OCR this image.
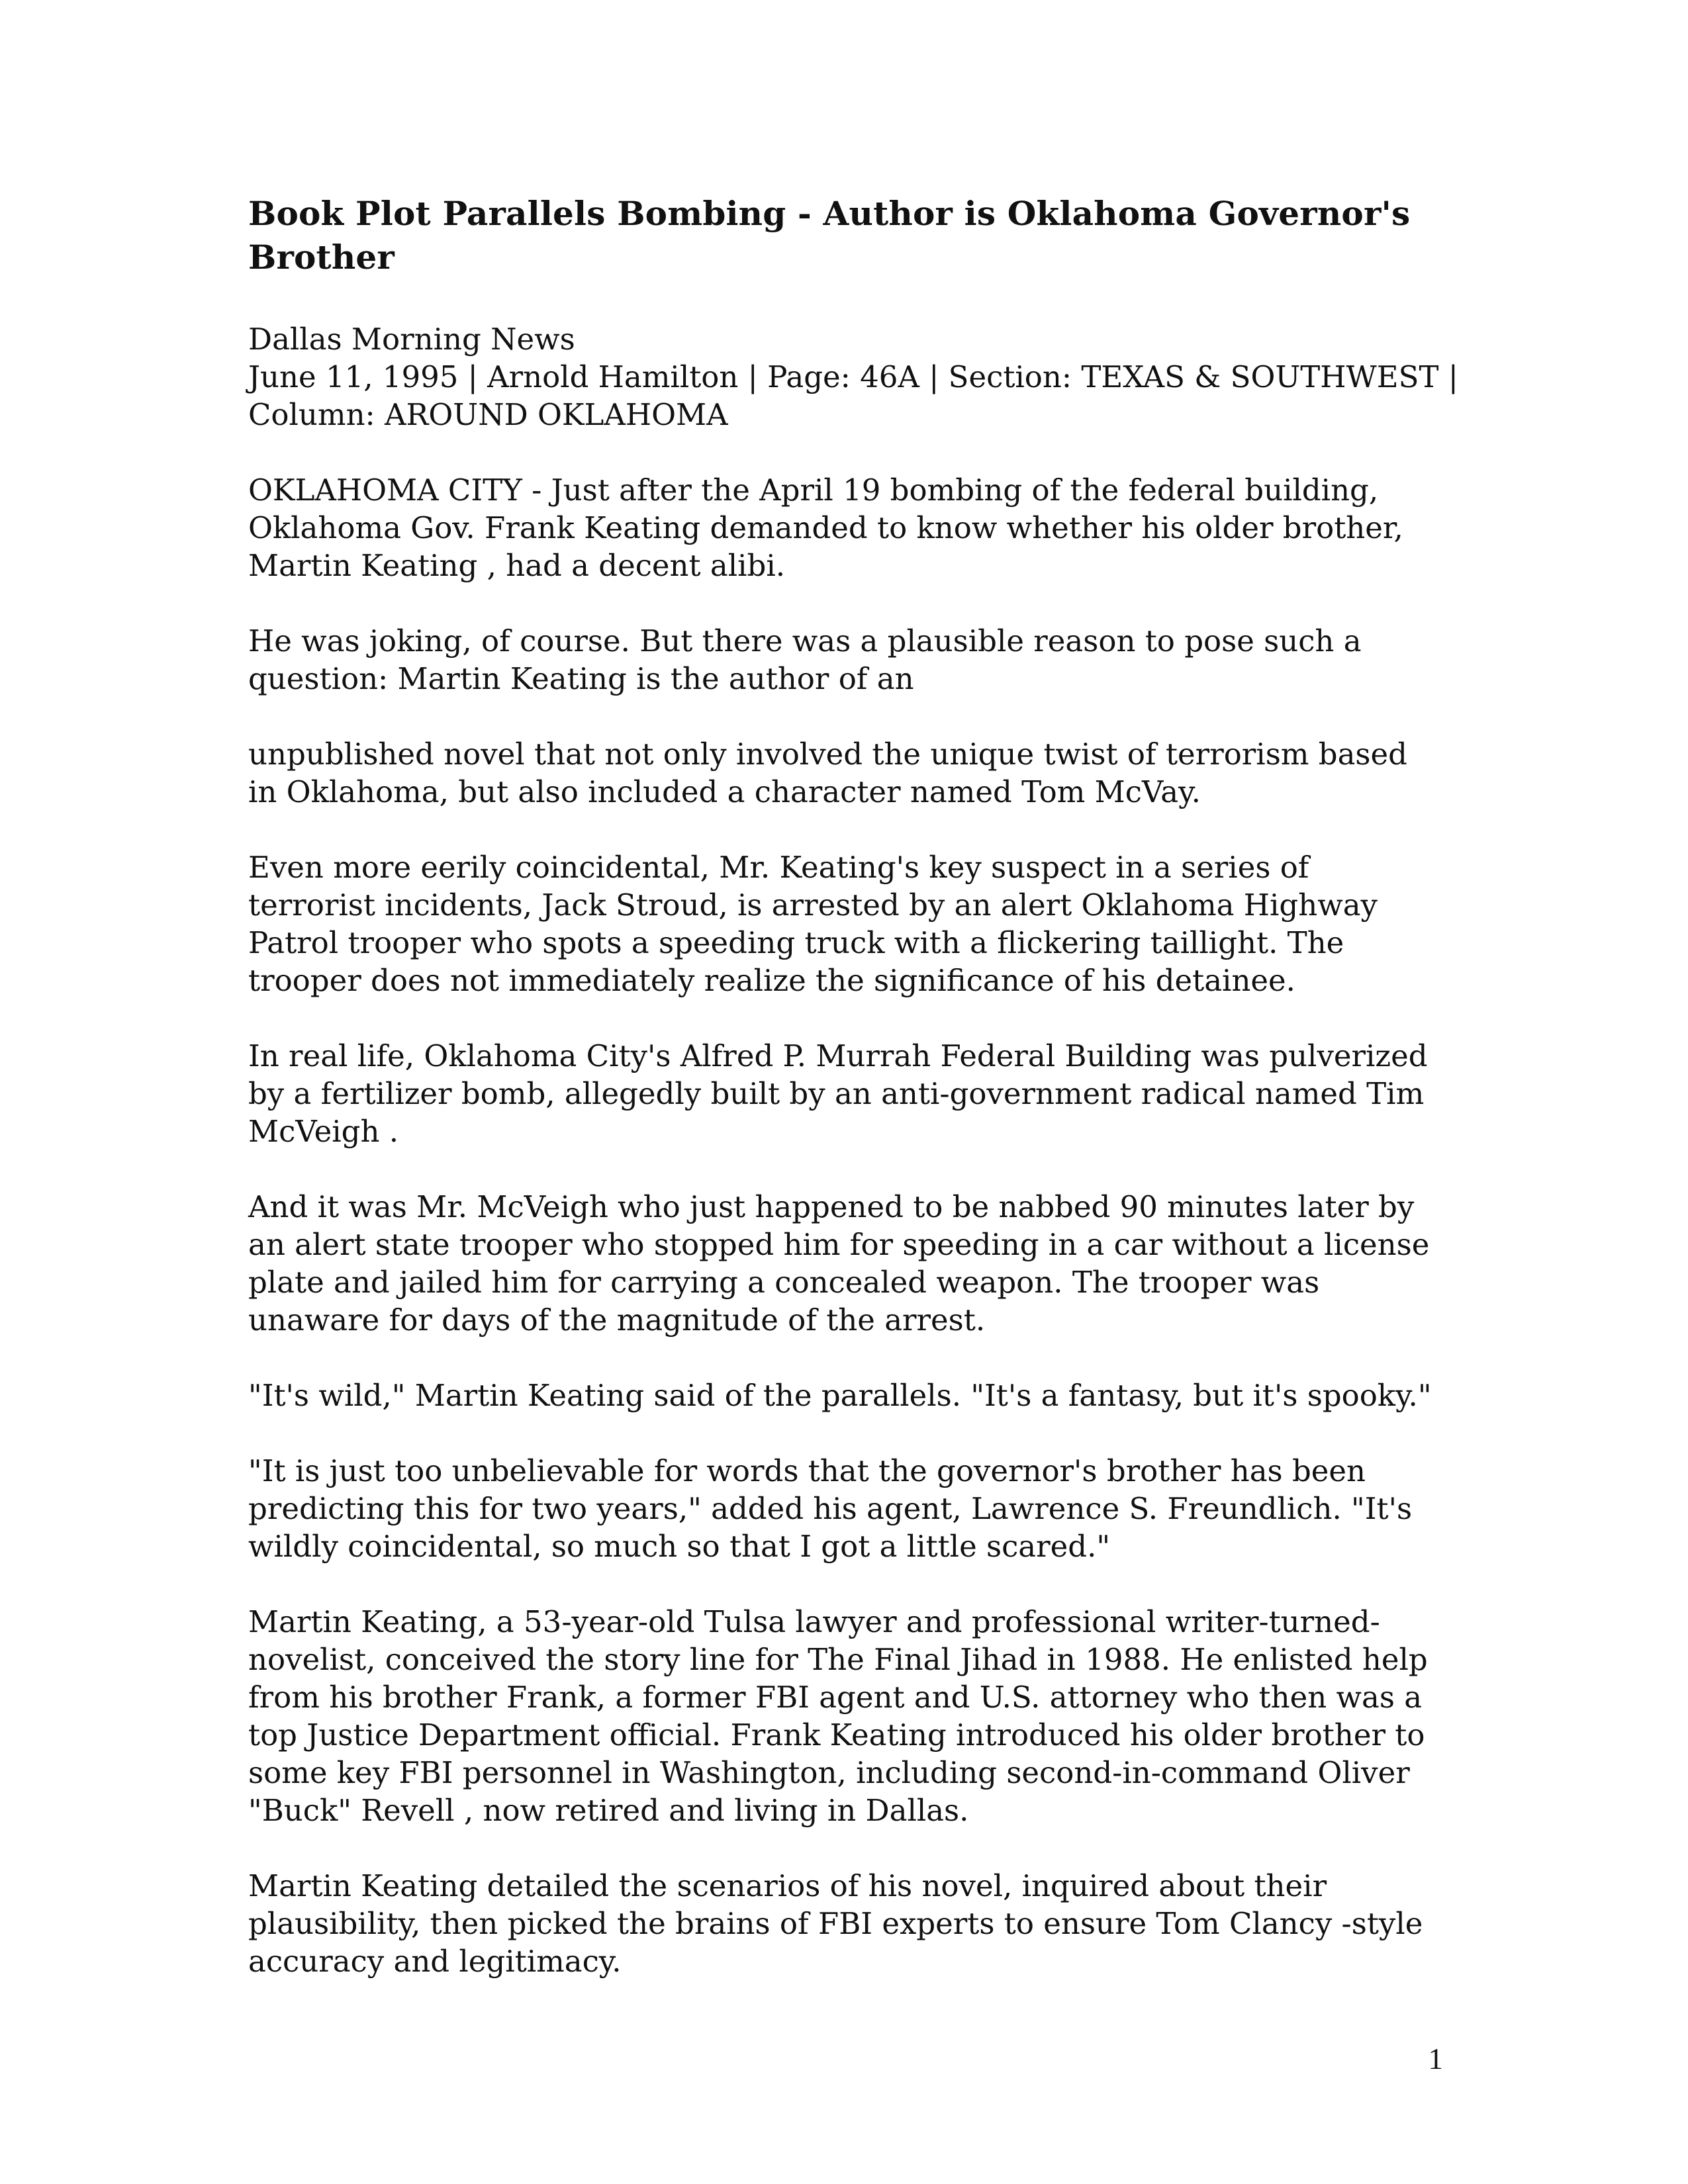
Book Plot Parallels Bombing - Author is Oklahoma Governor's Brother
Dallas Morning News
June 11, 1995 | Arnold Hamilton | Page: 46A | Section: TEXAS & SOUTHWEST |
Column: AROUND OKLAHOMA

OKLAHOMA CITY - Just after the April 19 bombing of the federal building, Oklahoma Gov. Frank Keating demanded to know whether his older brother, Martin Keating , had a decent alibi.

He was joking, of course. But there was a plausible reason to pose such a question: Martin Keating is the author of an

unpublished novel that not only involved the unique twist of terrorism based in Oklahoma, but also included a character named Tom McVay.

Even more eerily coincidental, Mr. Keating's key suspect in a series of terrorist incidents, Jack Stroud, is arrested by an alert Oklahoma Highway Patrol trooper who spots a speeding truck with a flickering taillight. The trooper does not immediately realize the significance of his detainee.

In real life, Oklahoma City's Alfred P. Murrah Federal Building was pulverized by a fertilizer bomb, allegedly built by an anti-government radical named Tim McVeigh .

And it was Mr. McVeigh who just happened to be nabbed 90 minutes later by an alert state trooper who stopped him for speeding in a car without a license plate and jailed him for carrying a concealed weapon. The trooper was unaware for days of the magnitude of the arrest.

"It's wild," Martin Keating said of the parallels. "It's a fantasy, but it's spooky."

"It is just too unbelievable for words that the governor's brother has been predicting this for two years," added his agent, Lawrence S. Freundlich. "It's wildly coincidental, so much so that I got a little scared."

Martin Keating, a 53-year-old Tulsa lawyer and professional writer-turned-novelist, conceived the story line for The Final Jihad in 1988. He enlisted help from his brother Frank, a former FBI agent and U.S. attorney who then was a top Justice Department official. Frank Keating introduced his older brother to some key FBI personnel in Washington, including second-in-command Oliver "Buck" Revell , now retired and living in Dallas.

Martin Keating detailed the scenarios of his novel, inquired about their plausibility, then picked the brains of FBI experts to ensure Tom Clancy -style accuracy and legitimacy.

1
